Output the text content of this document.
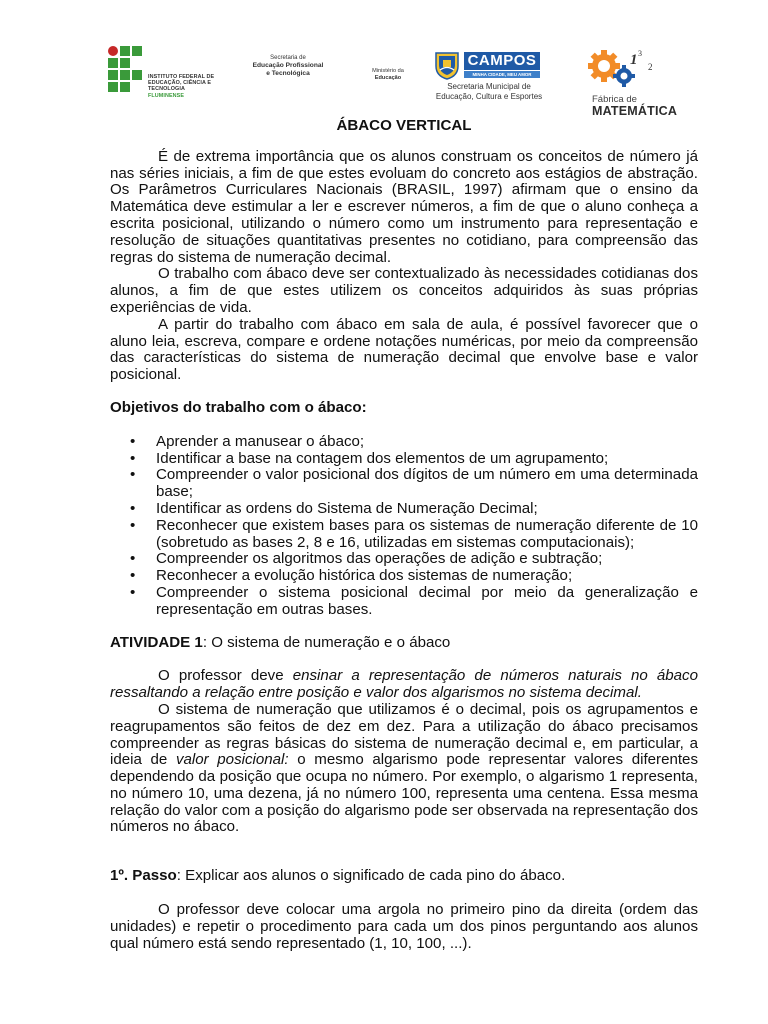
INSTITUTO FEDERAL DE
EDUCAÇÃO, CIÊNCIA E TECNOLOGIA
FLUMINENSE
Secretaria de
Educação Profissional
e Tecnológica	Ministério da
Educação
CAMPOS
MINHA CIDADE, MEU AMOR
Secretaria Municipal de
Educação, Cultura e Esportes
1 3
2
Fábrica de
MATEMÁTICA
ÁBACO VERTICAL

É de extrema importância que os alunos construam os conceitos de número já nas séries iniciais, a fim de que estes evoluam do concreto aos estágios de abstração. Os Parâmetros Curriculares Nacionais (BRASIL, 1997) afirmam que o ensino da Matemática deve estimular a ler e escrever números, a fim de que o aluno conheça a escrita posicional, utilizando o número como um instrumento para representação e resolução de situações quantitativas presentes no cotidiano, para compreensão das regras do sistema de numeração decimal.

O trabalho com ábaco deve ser contextualizado às necessidades cotidianas dos alunos, a fim de que estes utilizem os conceitos adquiridos às suas próprias experiências de vida.

A partir do trabalho com ábaco em sala de aula, é possível favorecer que o aluno leia, escreva, compare e ordene notações numéricas, por meio da compreensão das características do sistema de numeração decimal que envolve base e valor posicional.

Objetivos do trabalho com o ábaco:

• Aprender a manusear o ábaco;
• Identificar a base na contagem dos elementos de um agrupamento;
• Compreender o valor posicional dos dígitos de um número em uma determinada base;
• Identificar as ordens do Sistema de Numeração Decimal;
• Reconhecer que existem bases para os sistemas de numeração diferente de 10 (sobretudo as bases 2, 8 e 16, utilizadas em sistemas computacionais);
• Compreender os algoritmos das operações de adição e subtração;
• Reconhecer a evolução histórica dos sistemas de numeração;
• Compreender o sistema posicional decimal por meio da generalização e representação em outras bases.

ATIVIDADE 1: O sistema de numeração e o ábaco

O professor deve ensinar a representação de números naturais no ábaco ressaltando a relação entre posição e valor dos algarismos no sistema decimal.

O sistema de numeração que utilizamos é o decimal, pois os agrupamentos e reagrupamentos são feitos de dez em dez. Para a utilização do ábaco precisamos compreender as regras básicas do sistema de numeração decimal e, em particular, a ideia de valor posicional: o mesmo algarismo pode representar valores diferentes dependendo da posição que ocupa no número. Por exemplo, o algarismo 1 representa, no número 10, uma dezena, já no número 100, representa uma centena. Essa mesma relação do valor com a posição do algarismo pode ser observada na representação dos números no ábaco.

1º. Passo: Explicar aos alunos o significado de cada pino do ábaco.

O professor deve colocar uma argola no primeiro pino da direita (ordem das unidades) e repetir o procedimento para cada um dos pinos perguntando aos alunos qual número está sendo representado (1, 10, 100, ...).
